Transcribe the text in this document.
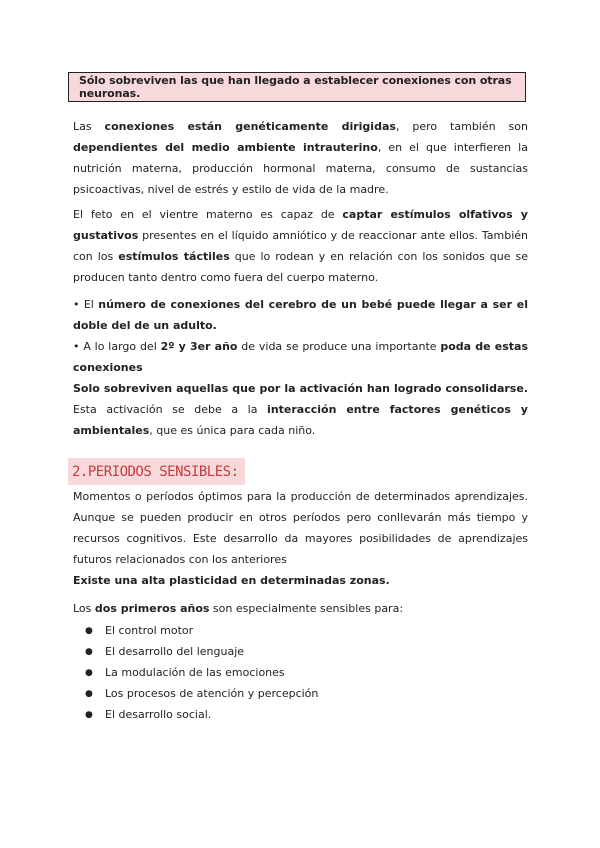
Sólo sobreviven las que han llegado a establecer conexiones con otras neuronas.
Las conexiones están genéticamente dirigidas, pero también son dependientes del medio ambiente intrauterino, en el que interfieren la nutrición materna, producción hormonal materna, consumo de sustancias psicoactivas, nivel de estrés y estilo de vida de la madre.
El feto en el vientre materno es capaz de captar estímulos olfativos y gustativos presentes en el líquido amniótico y de reaccionar ante ellos. También con los estímulos táctiles que lo rodean y en relación con los sonidos que se producen tanto dentro como fuera del cuerpo materno.
• El número de conexiones del cerebro de un bebé puede llegar a ser el doble del de un adulto.
• A lo largo del 2º y 3er año de vida se produce una importante poda de estas conexiones
Solo sobreviven aquellas que por la activación han logrado consolidarse. Esta activación se debe a la interacción entre factores genéticos y ambientales, que es única para cada niño.
2.PERIODOS SENSIBLES:
Momentos o períodos óptimos para la producción de determinados aprendizajes. Aunque se pueden producir en otros períodos pero conllevarán más tiempo y recursos cognitivos. Este desarrollo da mayores posibilidades de aprendizajes futuros relacionados con los anteriores
Existe una alta plasticidad en determinadas zonas.
Los dos primeros años son especialmente sensibles para:
●	El control motor
●	El desarrollo del lenguaje
●	La modulación de las emociones
●	Los procesos de atención y percepción
●	El desarrollo social.
